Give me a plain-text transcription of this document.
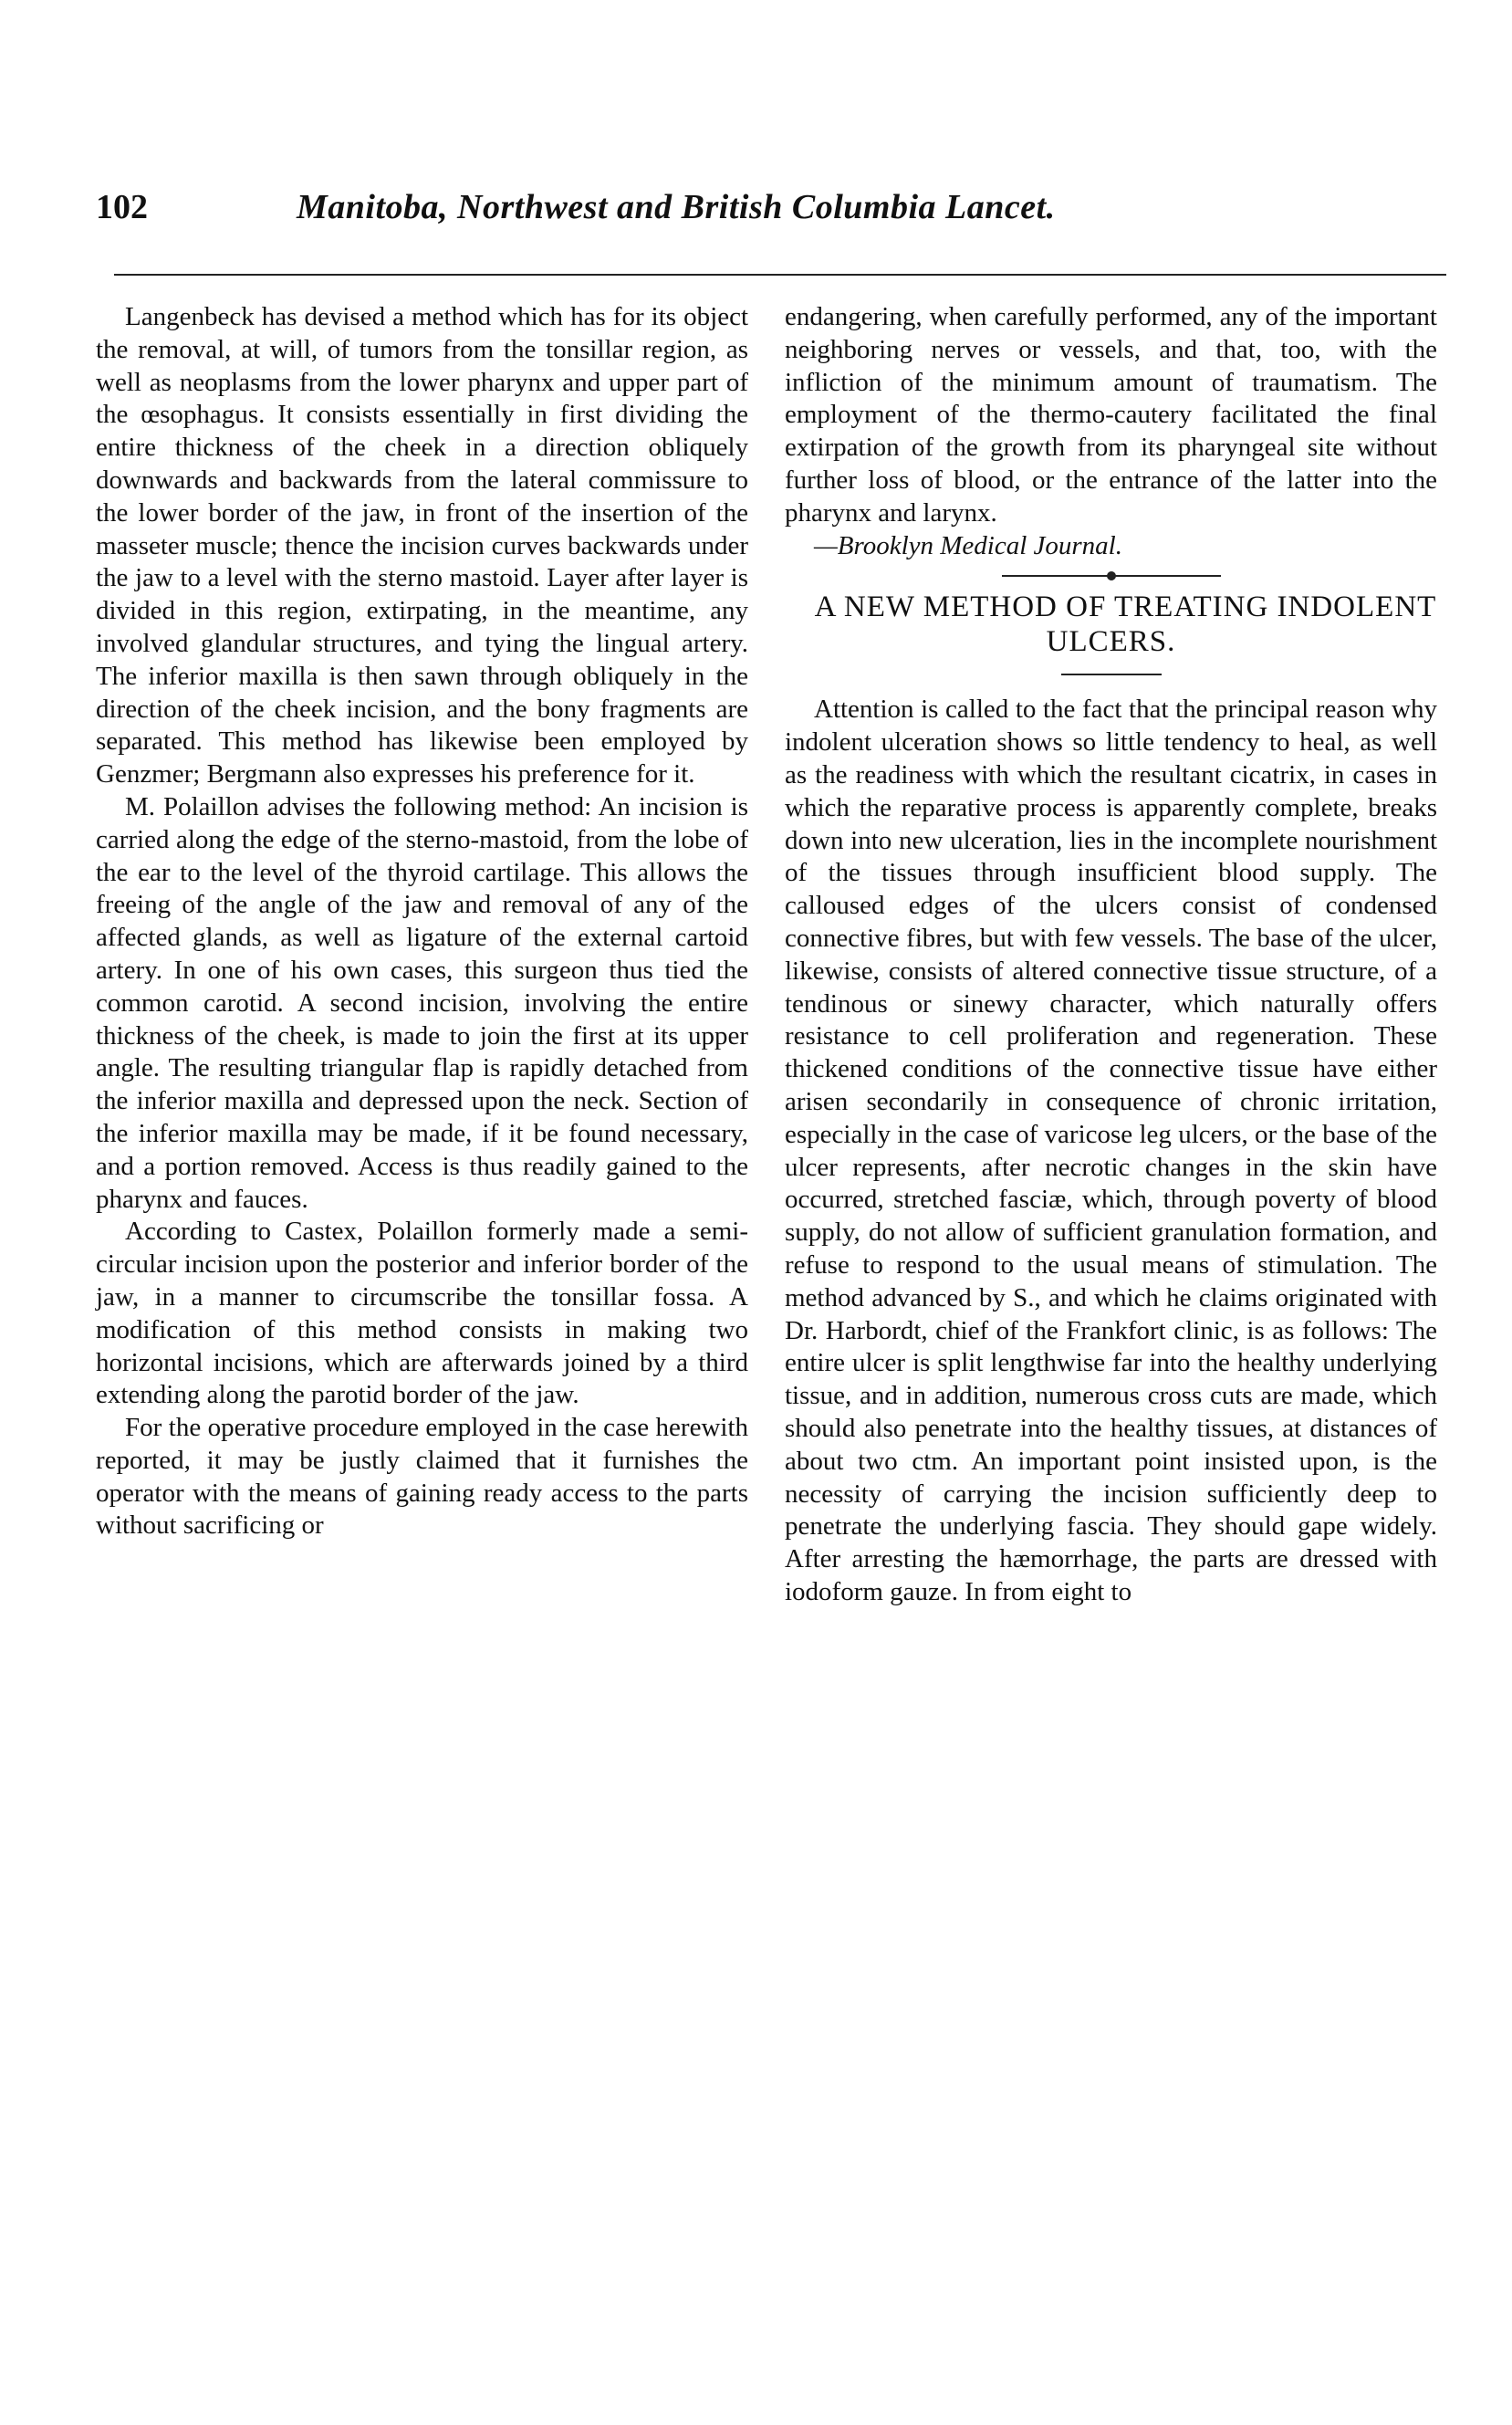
102	Manitoba, Northwest and British Columbia Lancet.

Langenbeck has devised a method which has for its object the removal, at will, of tumors from the tonsillar region, as well as neoplasms from the lower pharynx and upper part of the œsophagus. It consists essentially in first dividing the entire thickness of the cheek in a direction obliquely downwards and backwards from the lateral commissure to the lower border of the jaw, in front of the insertion of the masseter muscle; thence the incision curves backwards under the jaw to a level with the sterno mastoid. Layer after layer is divided in this region, extirpating, in the meantime, any involved glandular structures, and tying the lingual artery. The inferior maxilla is then sawn through obliquely in the direction of the cheek incision, and the bony fragments are separated. This method has likewise been employed by Genzmer; Bergmann also expresses his preference for it.

M. Polaillon advises the following method: An incision is carried along the edge of the sterno-mastoid, from the lobe of the ear to the level of the thyroid cartilage. This allows the freeing of the angle of the jaw and removal of any of the affected glands, as well as ligature of the external cartoid artery. In one of his own cases, this surgeon thus tied the common carotid. A second incision, involving the entire thickness of the cheek, is made to join the first at its upper angle. The resulting triangular flap is rapidly detached from the inferior maxilla and depressed upon the neck. Section of the inferior maxilla may be made, if it be found necessary, and a portion removed. Access is thus readily gained to the pharynx and fauces.

According to Castex, Polaillon formerly made a semi-circular incision upon the posterior and inferior border of the jaw, in a manner to circumscribe the tonsillar fossa. A modification of this method consists in making two horizontal incisions, which are afterwards joined by a third extending along the parotid border of the jaw.

For the operative procedure employed in the case herewith reported, it may be justly claimed that it furnishes the operator with the means of gaining ready access to the parts without sacrificing or

endangering, when carefully performed, any of the important neighboring nerves or vessels, and that, too, with the infliction of the minimum amount of traumatism. The employment of the thermo-cautery facilitated the final extirpation of the growth from its pharyngeal site without further loss of blood, or the entrance of the latter into the pharynx and larynx.

—Brooklyn Medical Journal.

A NEW METHOD OF TREATING INDOLENT ULCERS.

Attention is called to the fact that the principal reason why indolent ulceration shows so little tendency to heal, as well as the readiness with which the resultant cicatrix, in cases in which the reparative process is apparently complete, breaks down into new ulceration, lies in the incomplete nourishment of the tissues through insufficient blood supply. The calloused edges of the ulcers consist of condensed connective fibres, but with few vessels. The base of the ulcer, likewise, consists of altered connective tissue structure, of a tendinous or sinewy character, which naturally offers resistance to cell proliferation and regeneration. These thickened conditions of the connective tissue have either arisen secondarily in consequence of chronic irritation, especially in the case of varicose leg ulcers, or the base of the ulcer represents, after necrotic changes in the skin have occurred, stretched fasciæ, which, through poverty of blood supply, do not allow of sufficient granulation formation, and refuse to respond to the usual means of stimulation. The method advanced by S., and which he claims originated with Dr. Harbordt, chief of the Frankfort clinic, is as follows: The entire ulcer is split lengthwise far into the healthy underlying tissue, and in addition, numerous cross cuts are made, which should also penetrate into the healthy tissues, at distances of about two ctm. An important point insisted upon, is the necessity of carrying the incision sufficiently deep to penetrate the underlying fascia. They should gape widely. After arresting the hæmorrhage, the parts are dressed with iodoform gauze. In from eight to
